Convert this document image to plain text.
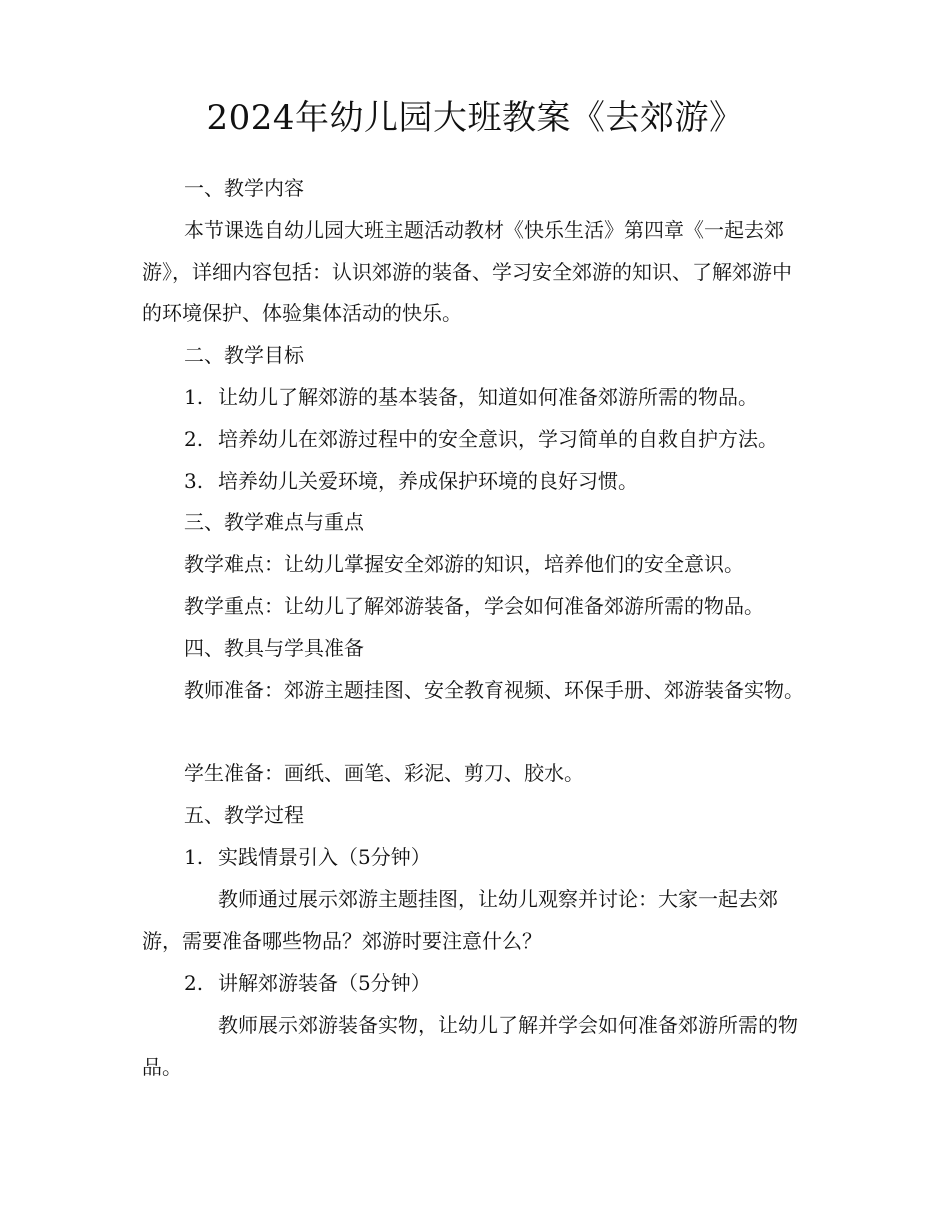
2024年幼儿园大班教案《去郊游》
一、教学内容
本节课选自幼儿园大班主题活动教材《快乐生活》第四章《一起去郊游》，详细内容包括：认识郊游的装备、学习安全郊游的知识、了解郊游中的环境保护、体验集体活动的快乐。
二、教学目标
1. 让幼儿了解郊游的基本装备，知道如何准备郊游所需的物品。
2. 培养幼儿在郊游过程中的安全意识，学习简单的自救自护方法。
3. 培养幼儿关爱环境，养成保护环境的良好习惯。
三、教学难点与重点
教学难点：让幼儿掌握安全郊游的知识，培养他们的安全意识。
教学重点：让幼儿了解郊游装备，学会如何准备郊游所需的物品。
四、教具与学具准备
教师准备：郊游主题挂图、安全教育视频、环保手册、郊游装备实物。
学生准备：画纸、画笔、彩泥、剪刀、胶水。
五、教学过程
1. 实践情景引入（5分钟）
教师通过展示郊游主题挂图，让幼儿观察并讨论：大家一起去郊游，需要准备哪些物品？郊游时要注意什么？
2. 讲解郊游装备（5分钟）
教师展示郊游装备实物，让幼儿了解并学会如何准备郊游所需的物品。
